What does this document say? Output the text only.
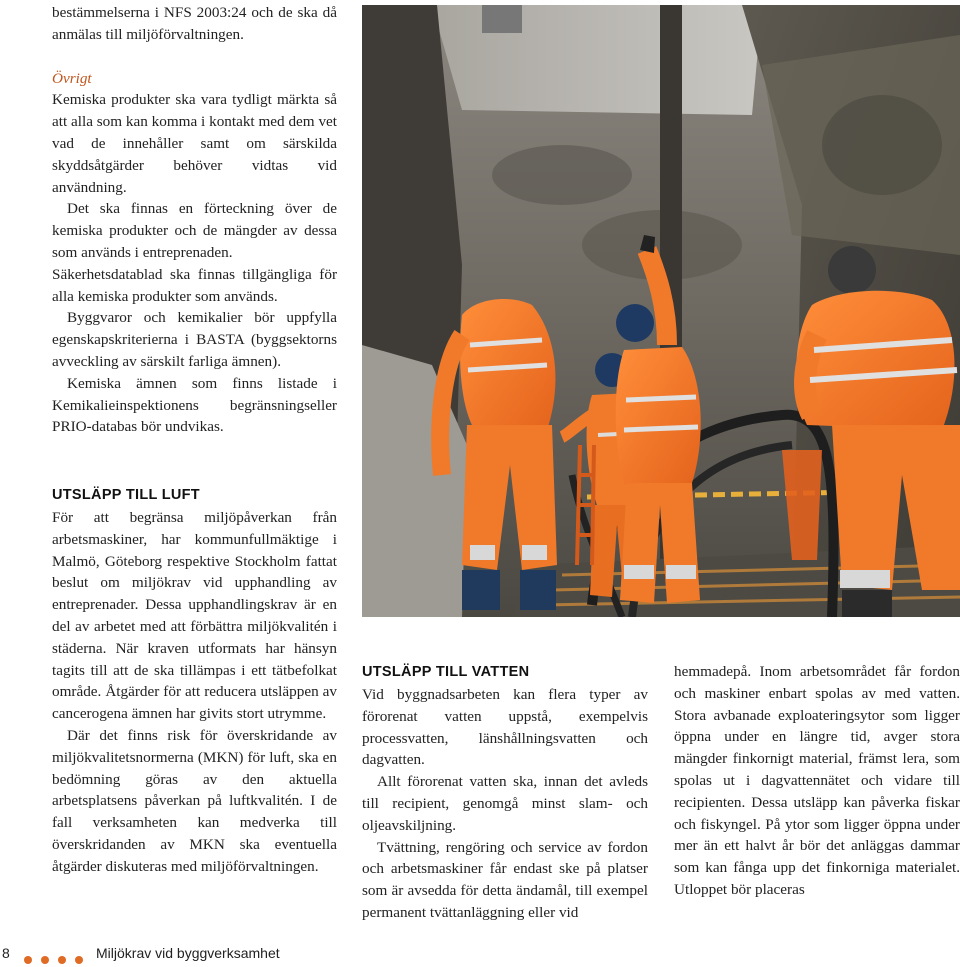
bestämmelserna i NFS 2003:24 och de ska då anmälas till miljöförvaltningen.

Övrigt

Kemiska produkter ska vara tydligt märkta så att alla som kan komma i kontakt med dem vet vad de innehåller samt om särskilda skyddsåtgärder behöver vidtas vid användning.

Det ska finnas en förteckning över de kemiska produkter och de mängder av dessa som används i entreprenaden.

Säkerhetsdatablad ska finnas tillgängliga för alla kemiska produkter som används.

Byggvaror och kemikalier bör uppfylla egenskapskriterierna i BASTA (byggsektorns avveckling av särskilt farliga ämnen).

Kemiska ämnen som finns listade i Kemikalieinspektionens begränsningseller PRIO-databas bör undvikas.

UTSLÄPP TILL LUFT

För att begränsa miljöpåverkan från arbetsmaskiner, har kommunfullmäktige i Malmö, Göteborg respektive Stockholm fattat beslut om miljökrav vid upphandling av entreprenader. Dessa upphandlingskrav är en del av arbetet med att förbättra miljökvalitén i städerna. När kraven utformats har hänsyn tagits till att de ska tillämpas i ett tätbefolkat område. Åtgärder för att reducera utsläppen av cancerogena ämnen har givits stort utrymme.

Där det finns risk för överskridande av miljökvalitetsnormerna (MKN) för luft, ska en bedömning göras av den aktuella arbetsplatsens påverkan på luftkvalitén. I de fall verksamheten kan medverka till överskridanden av MKN ska eventuella åtgärder diskuteras med miljöförvaltningen.

UTSLÄPP TILL VATTEN

Vid byggnadsarbeten kan flera typer av förorenat vatten uppstå, exempelvis processvatten, länshållningsvatten och dagvatten.

Allt förorenat vatten ska, innan det avleds till recipient, genomgå minst slam- och oljeavskiljning.

Tvättning, rengöring och service av fordon och arbetsmaskiner får endast ske på platser som är avsedda för detta ändamål, till exempel permanent tvättanläggning eller vid

hemmadepå. Inom arbetsområdet får fordon och maskiner enbart spolas av med vatten. Stora avbanade exploateringsytor som ligger öppna under en längre tid, avger stora mängder finkornigt material, främst lera, som spolas ut i dagvattennätet och vidare till recipienten. Dessa utsläpp kan påverka fiskar och fiskyngel. På ytor som ligger öppna under mer än ett halvt år bör det anläggas dammar som kan fånga upp det finkorniga materialet. Utloppet bör placeras

8	Miljökrav vid byggverksamhet
